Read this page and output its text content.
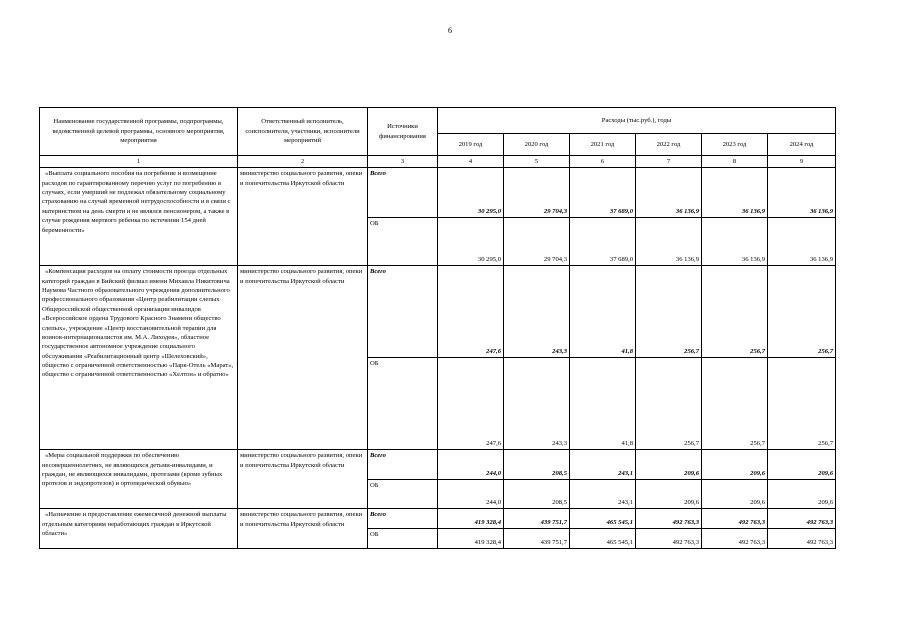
6
Наименование государственной программы, подпрограммы, ведомственной целевой программы, основного мероприятия, мероприятия	Ответственный исполнитель, соисполнители, участники, исполнители мероприятий	Источники финансирования	Расходы (тыс.руб.), годы					
			2019 год	2020 год	2021 год	2022 год	2023 год	2024 год
1	2	3	4	5	6	7	8	9
«Выплата социального пособия на погребение и возмещение расходов по гарантированному перечню услуг по погребению в случаях, если умерший не подлежал обязательному социальному страхованию на случай временной нетрудоспособности и в связи с материнством на день смерти и не являлся пенсионером, а также в случае рождения мертвого ребенка по истечении 154 дней беременности»	министерство социального развития, опеки и попечительства Иркутской области	Всего	30 295,0	29 704,3	37 689,0	36 136,9	36 136,9	36 136,9
		ОБ	30 295,0	29 704,3	37 689,0	36 136,9	36 136,9	36 136,9
«Компенсация расходов на оплату стоимости проезда отдельных категорий граждан в Бийский филиал имени Михаила Никитовича Наумова Частного образовательного учреждения дополнительного профессионального образования «Центр реабилитации слепых Общероссийской общественной организации инвалидов «Всероссийское ордена Трудового Красного Знамени общество слепых», учреждение «Центр восстановительной терапии для воинов-интернационалистов им. М.А. Лиходея», областное государственное автономное учреждение социального обслуживания «Реабилитационный центр «Шелеховский», общество с ограниченной ответственностью «Парк-Отель «Марат», общество с ограниченной ответственностью «Хелтон» и обратно»	министерство социального развития, опеки и попечительства Иркутской области	Всего	247,6	243,3	41,8	256,7	256,7	256,7
		ОБ	247,6	243,3	41,8	256,7	256,7	256,7
«Меры социальной поддержки по обеспечению несовершеннолетних, не являющихся детьми-инвалидами, и граждан, не являющихся инвалидами, протезами (кроме зубных протезов и эндопротезов) и ортопедической обувью»	министерство социального развития, опеки и попечительства Иркутской области	Всего	244,0	208,5	243,1	209,6	209,6	209,6
		ОБ	244,0	208,5	243,1	209,6	209,6	209,6
«Назначение и предоставление ежемесячной денежной выплаты отдельным категориям неработающих граждан в Иркутской области»	министерство социального развития, опеки и попечительства Иркутской области	Всего	419 328,4	439 751,7	465 545,1	492 763,3	492 763,3	492 763,3
		ОБ	419 328,4	439 751,7	465 545,1	492 763,3	492 763,3	492 763,3
